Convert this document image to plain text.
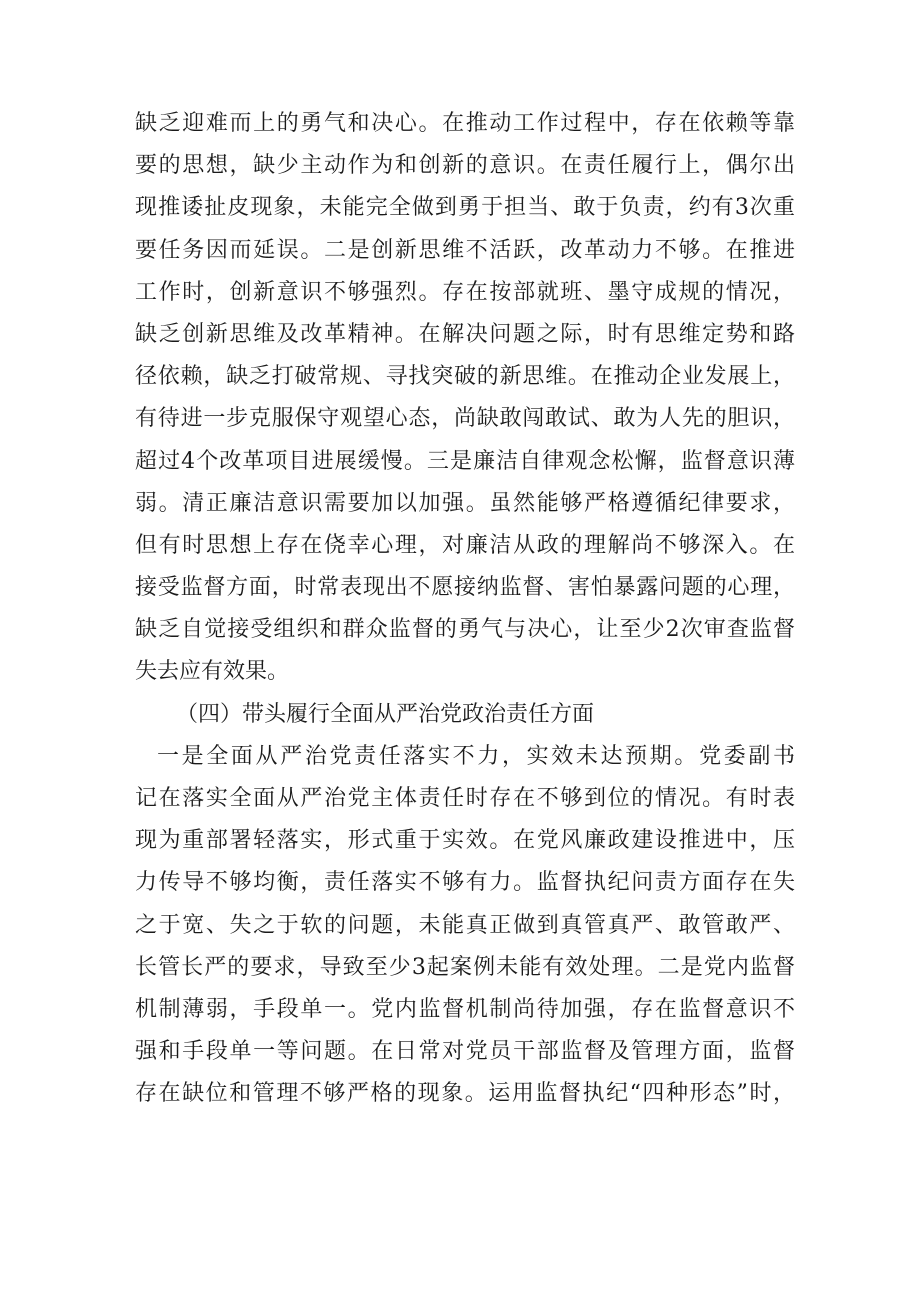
缺乏迎难而上的勇气和决心。在推动工作过程中，存在依赖等靠
要的思想，缺少主动作为和创新的意识。在责任履行上，偶尔出
现推诿扯皮现象，未能完全做到勇于担当、敢于负责，约有3次重
要任务因而延误。二是创新思维不活跃，改革动力不够。在推进
工作时，创新意识不够强烈。存在按部就班、墨守成规的情况，
缺乏创新思维及改革精神。在解决问题之际，时有思维定势和路
径依赖，缺乏打破常规、寻找突破的新思维。在推动企业发展上，
有待进一步克服保守观望心态，尚缺敢闯敢试、敢为人先的胆识，
超过4个改革项目进展缓慢。三是廉洁自律观念松懈，监督意识薄
弱。清正廉洁意识需要加以加强。虽然能够严格遵循纪律要求，
但有时思想上存在侥幸心理，对廉洁从政的理解尚不够深入。在
接受监督方面，时常表现出不愿接纳监督、害怕暴露问题的心理，
缺乏自觉接受组织和群众监督的勇气与决心，让至少2次审查监督
失去应有效果。
（四）带头履行全面从严治党政治责任方面
一是全面从严治党责任落实不力，实效未达预期。党委副书
记在落实全面从严治党主体责任时存在不够到位的情况。有时表
现为重部署轻落实，形式重于实效。在党风廉政建设推进中，压
力传导不够均衡，责任落实不够有力。监督执纪问责方面存在失
之于宽、失之于软的问题，未能真正做到真管真严、敢管敢严、
长管长严的要求，导致至少3起案例未能有效处理。二是党内监督
机制薄弱，手段单一。党内监督机制尚待加强，存在监督意识不
强和手段单一等问题。在日常对党员干部监督及管理方面，监督
存在缺位和管理不够严格的现象。运用监督执纪“四种形态”时，
